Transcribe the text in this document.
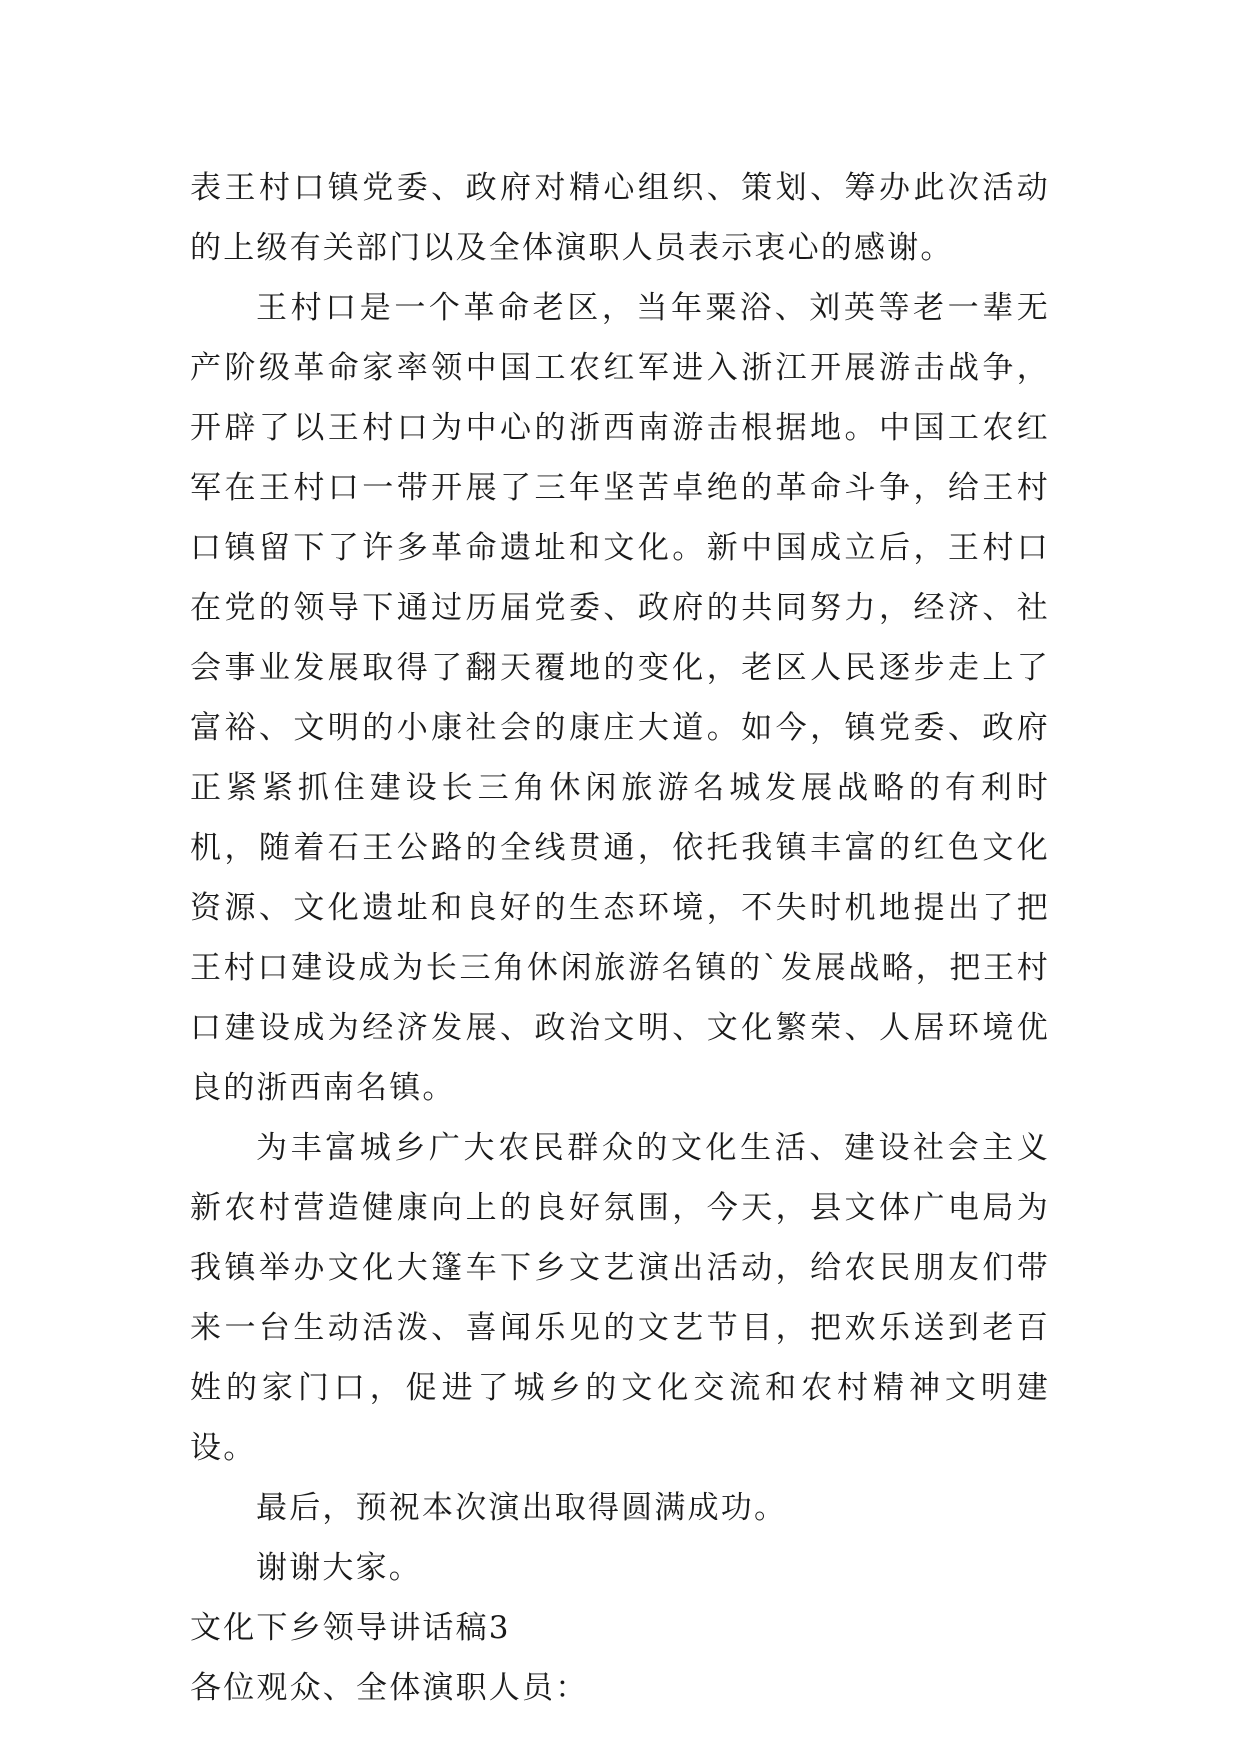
表王村口镇党委、政府对精心组织、策划、筹办此次活动的上级有关部门以及全体演职人员表示衷心的感谢。

王村口是一个革命老区，当年粟浴、刘英等老一辈无产阶级革命家率领中国工农红军进入浙江开展游击战争，开辟了以王村口为中心的浙西南游击根据地。中国工农红军在王村口一带开展了三年坚苦卓绝的革命斗争，给王村口镇留下了许多革命遗址和文化。新中国成立后，王村口在党的领导下通过历届党委、政府的共同努力，经济、社会事业发展取得了翻天覆地的变化，老区人民逐步走上了富裕、文明的小康社会的康庄大道。如今，镇党委、政府正紧紧抓住建设长三角休闲旅游名城发展战略的有利时机，随着石王公路的全线贯通，依托我镇丰富的红色文化资源、文化遗址和良好的生态环境，不失时机地提出了把王村口建设成为长三角休闲旅游名镇的`发展战略，把王村口建设成为经济发展、政治文明、文化繁荣、人居环境优良的浙西南名镇。

为丰富城乡广大农民群众的文化生活、建设社会主义新农村营造健康向上的良好氛围，今天，县文体广电局为我镇举办文化大篷车下乡文艺演出活动，给农民朋友们带来一台生动活泼、喜闻乐见的文艺节目，把欢乐送到老百姓的家门口，促进了城乡的文化交流和农村精神文明建设。

最后，预祝本次演出取得圆满成功。

谢谢大家。

文化下乡领导讲话稿3

各位观众、全体演职人员：
